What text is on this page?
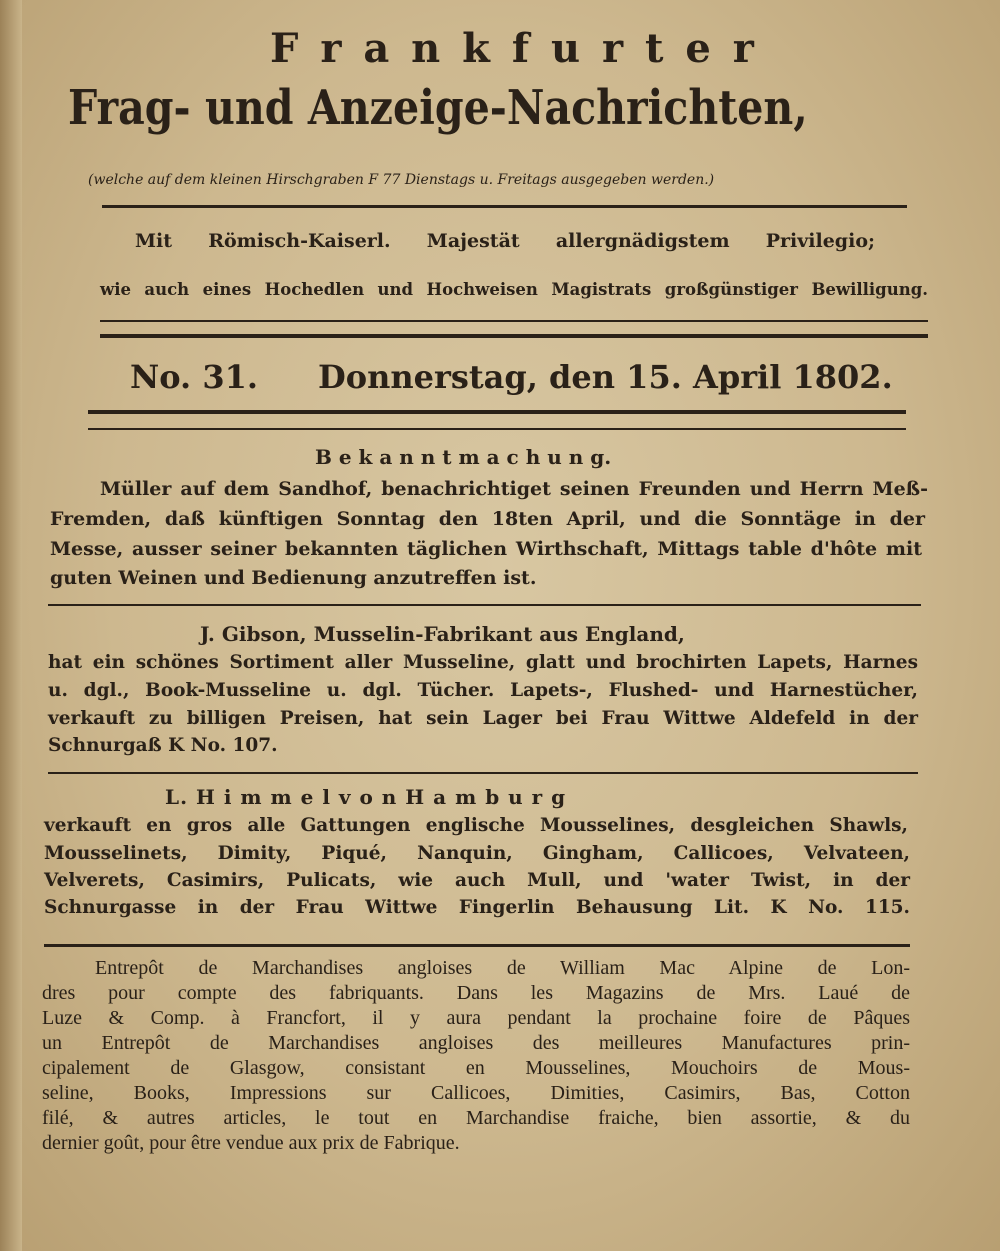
F r a n k f u r t e r
Frag- und Anzeige-Nachrichten,
(welche auf dem kleinen Hirschgraben F 77 Dienstags u. Freitags ausgegeben werden.)
Mit Römisch-Kaiserl. Majestät allergnädigstem Privilegio;
wie auch eines Hochedlen und Hochweisen Magistrats großgünstiger Bewilligung.
No. 31. Donnerstag, den 15. April 1802.
B e k a n n t m a c h u n g.
Müller auf dem Sandhof, benachrichtiget seinen Freunden und Herrn Meß-
Fremden, daß künftigen Sonntag den 18ten April, und die Sonntäge in der
Messe, ausser seiner bekannten täglichen Wirthschaft, Mittags table d'hôte mit
guten Weinen und Bedienung anzutreffen ist.
J. Gibson, Musselin-Fabrikant aus England,
hat ein schönes Sortiment aller Musseline, glatt und brochirten Lapets, Harnes
u. dgl., Book-Musseline u. dgl. Tücher. Lapets-, Flushed- und Harnestücher,
verkauft zu billigen Preisen, hat sein Lager bei Frau Wittwe Aldefeld in der
Schnurgaß K No. 107.
L. H i m m e l v o n H a m b u r g
verkauft en gros alle Gattungen englische Mousselines, desgleichen Shawls,
Mousselinets, Dimity, Piqué, Nanquin, Gingham, Callicoes, Velvateen,
Velverets, Casimirs, Pulicats, wie auch Mull, und 'water Twist, in der
Schnurgasse in der Frau Wittwe Fingerlin Behausung Lit. K No. 115.
Entrepôt de Marchandises angloises de William Mac Alpine de Lon-
dres pour compte des fabriquants. Dans les Magazins de Mrs. Laué de
Luze & Comp. à Francfort, il y aura pendant la prochaine foire de Pâques
un Entrepôt de Marchandises angloises des meilleures Manufactures prin-
cipalement de Glasgow, consistant en Mousselines, Mouchoirs de Mous-
seline, Books, Impressions sur Callicoes, Dimities, Casimirs, Bas, Cotton
filé, & autres articles, le tout en Marchandise fraiche, bien assortie, & du
dernier goût, pour être vendue aux prix de Fabrique.
